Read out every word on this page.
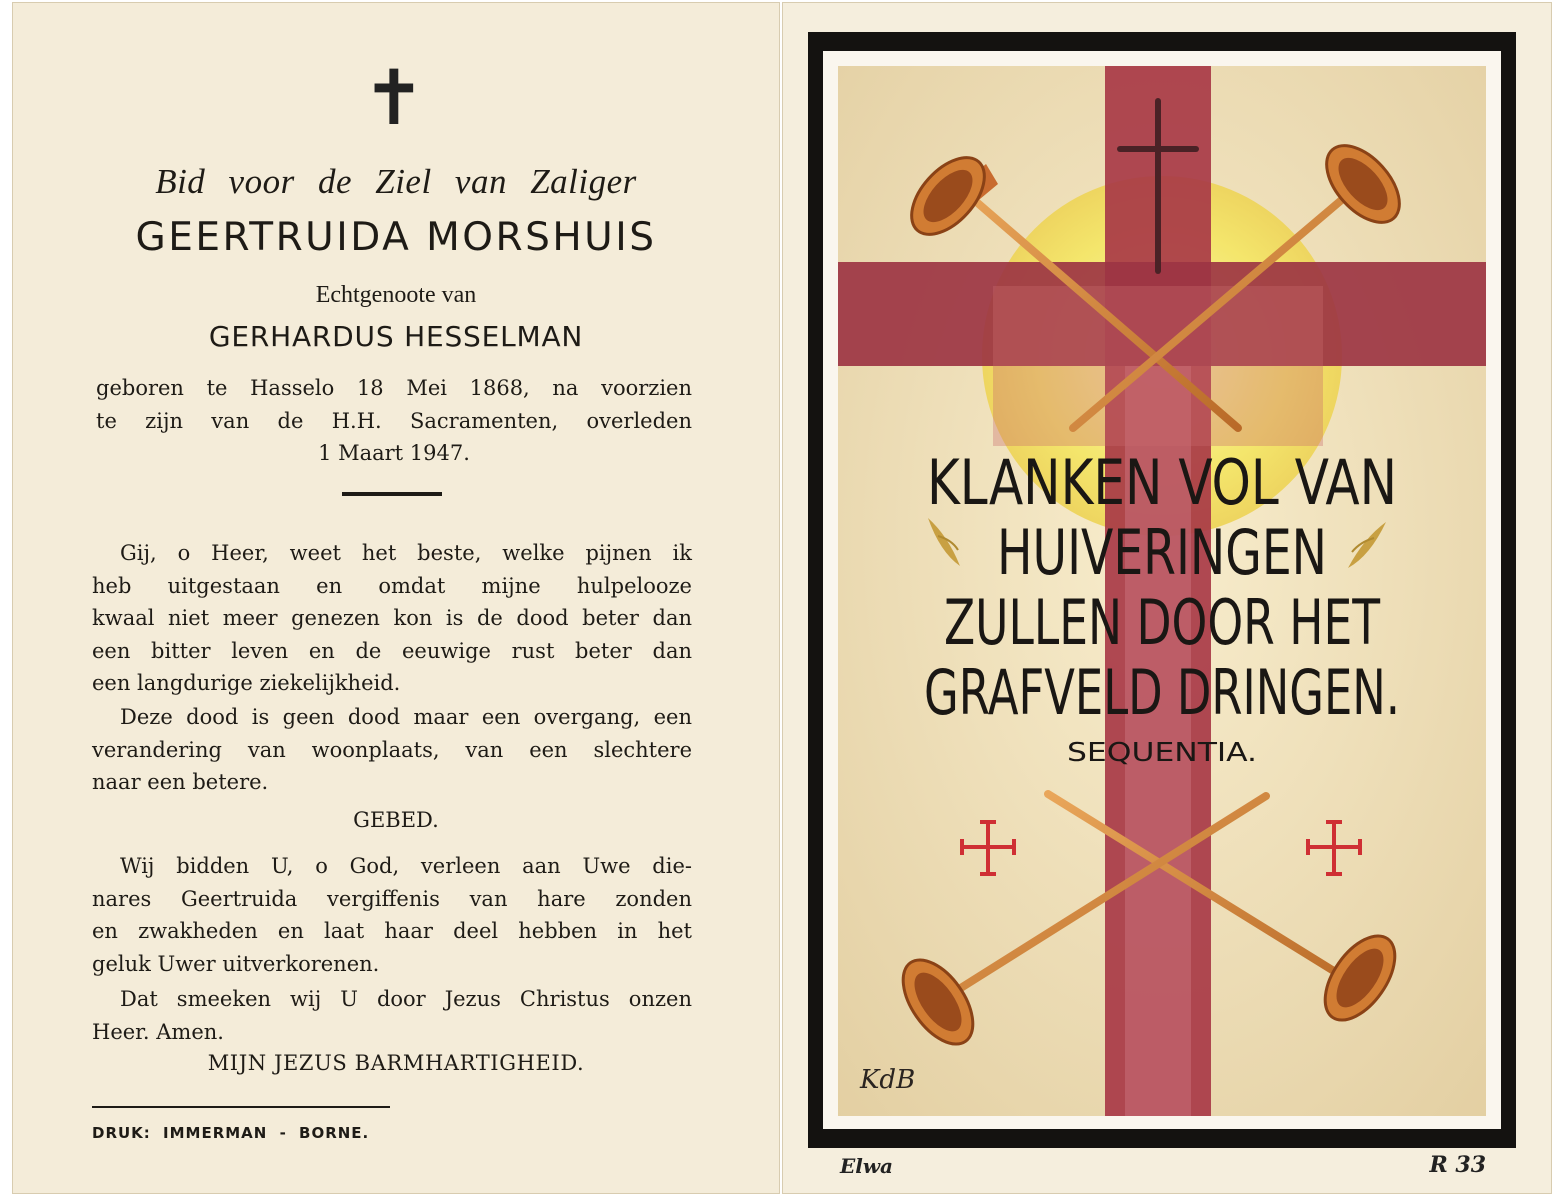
✝
Bid voor de Ziel van Zaliger
GEERTRUIDA MORSHUIS
Echtgenoote van
GERHARDUS HESSELMAN
geboren te Hasselo 18 Mei 1868, na voorzien
te zijn van de H.H. Sacramenten, overleden
1 Maart 1947.
Gij, o Heer, weet het beste, welke pijnen ik
heb uitgestaan en omdat mijne hulpelooze
kwaal niet meer genezen kon is de dood beter dan
een bitter leven en de eeuwige rust beter dan
een langdurige ziekelijkheid.
Deze dood is geen dood maar een overgang, een
verandering van woonplaats, van een slechtere
naar een betere.
GEBED.
Wij bidden U, o God, verleen aan Uwe die-
nares Geertruida vergiffenis van hare zonden
en zwakheden en laat haar deel hebben in het
geluk Uwer uitverkorenen.
Dat smeeken wij U door Jezus Christus onzen
Heer. Amen.
MIJN JEZUS BARMHARTIGHEID.
DRUK: IMMERMAN - BORNE.
KLANKEN VOL VAN
HUIVERINGEN
ZULLEN DOOR HET
GRAFVELD DRINGEN.
SEQUENTIA.
KdB
Elwa	R 33
